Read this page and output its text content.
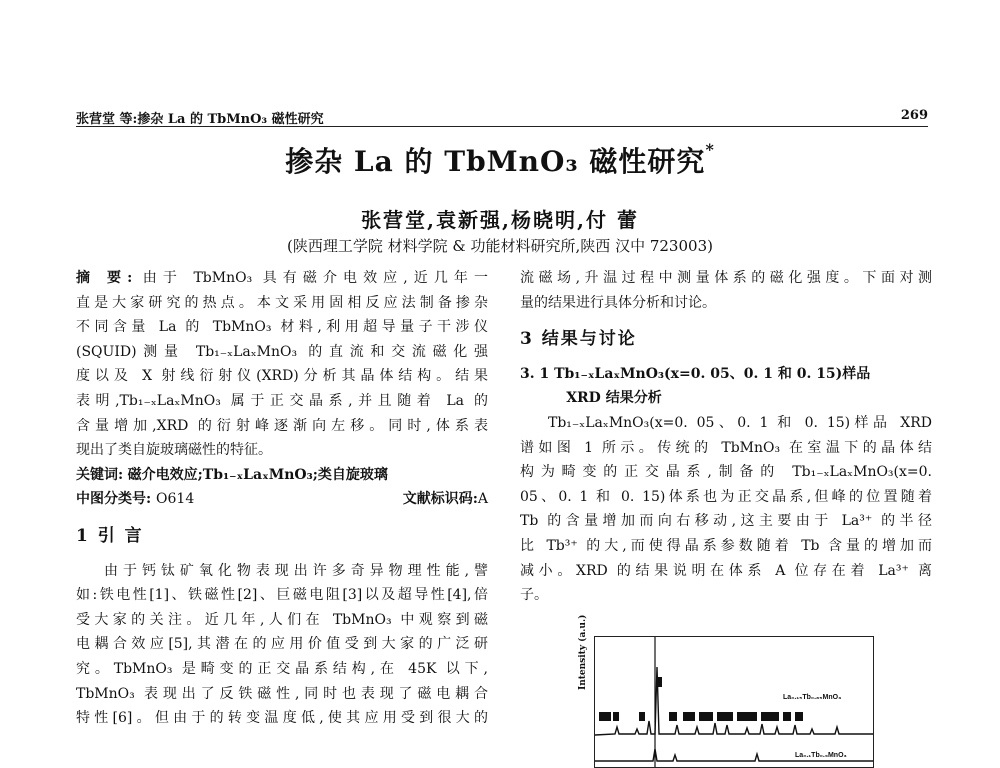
张营堂 等:掺杂 La 的 TbMnO₃ 磁性研究	269
掺杂 La 的 TbMnO₃ 磁性研究*
张营堂,袁新强,杨晓明,付 蕾
(陕西理工学院 材料学院 & 功能材料研究所,陕西 汉中 723003)

摘 要: 由于 TbMnO₃ 具有磁介电效应,近几年一

直是大家研究的热点。本文采用固相反应法制备掺杂

不同含量 La 的 TbMnO₃ 材料,利用超导量子干涉仪

(SQUID)测量 Tb₁₋ₓLaₓMnO₃ 的直流和交流磁化强

度以及 X 射线衍射仪(XRD)分析其晶体结构。结果

表明,Tb₁₋ₓLaₓMnO₃ 属于正交晶系,并且随着 La 的

含量增加,XRD 的衍射峰逐渐向左移。同时,体系表

现出了类自旋玻璃磁性的特征。

关键词: 磁介电效应;Tb₁₋ₓLaₓMnO₃;类自旋玻璃

中图分类号: O614	文献标识码:A
1 引 言

由于钙钛矿氧化物表现出许多奇异物理性能,譬

如:铁电性[1]、铁磁性[2]、巨磁电阻[3]以及超导性[4],倍

受大家的关注。近几年,人们在 TbMnO₃ 中观察到磁

电耦合效应[5],其潜在的应用价值受到大家的广泛研

究。TbMnO₃ 是畸变的正交晶系结构,在 45K 以下,

TbMnO₃ 表现出了反铁磁性,同时也表现了磁电耦合

特性[6]。但由于的转变温度低,使其应用受到很大的

流磁场,升温过程中测量体系的磁化强度。下面对测

量的结果进行具体分析和讨论。

3 结果与讨论

3. 1 Tb₁₋ₓLaₓMnO₃(x=0. 05、0. 1 和 0. 15)样品

XRD 结果分析

Tb₁₋ₓLaₓMnO₃(x=0. 05、0. 1 和 0. 15)样品 XRD

谱如图 1 所示。传统的 TbMnO₃ 在室温下的晶体结

构为畸变的正交晶系,制备的 Tb₁₋ₓLaₓMnO₃(x=0.

05、0. 1 和 0. 15)体系也为正交晶系,但峰的位置随着

Tb 的含量增加而向右移动,这主要由于 La³⁺ 的半径

比 Tb³⁺ 的大,而使得晶系参数随着 Tb 含量的增加而

减小。XRD 的结果说明在体系 A 位存在着 La³⁺ 离

子。

Intensity (a.u.)
La₀.₁₅Tb₀.₈₅MnO₃
La₀.₁Tb₀.₉MnO₃
